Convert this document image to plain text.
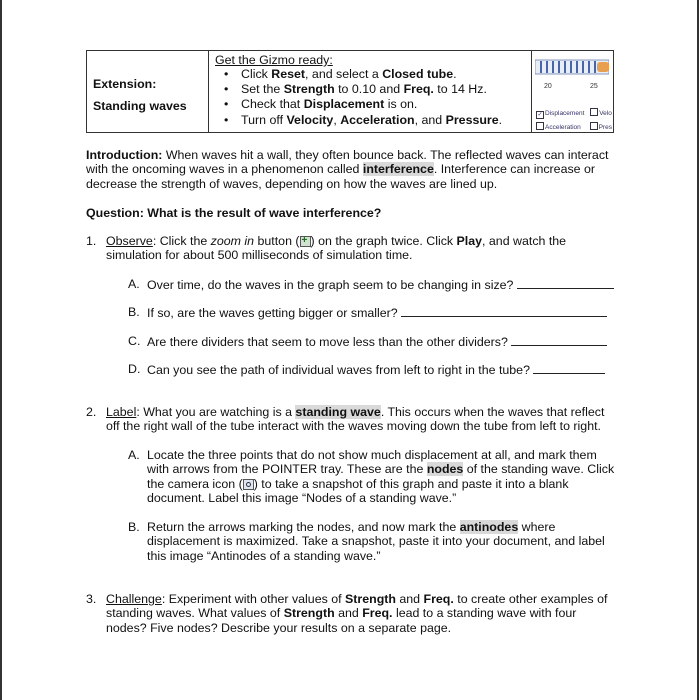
Extension:
Standing waves
Get the Gizmo ready:
• Click Reset, and select a Closed tube.
• Set the Strength to 0.10 and Freq. to 14 Hz.
• Check that Displacement is on.
• Turn off Velocity, Acceleration, and Pressure.
20	25
✓ Displacement Velo
Acceleration	Pres
Introduction: When waves hit a wall, they often bounce back. The reflected waves can interact with the oncoming waves in a phenomenon called interference. Interference can increase or decrease the strength of waves, depending on how the waves are lined up.
Question: What is the result of wave interference?
1. Observe: Click the zoom in button (+ ) on the graph twice. Click Play, and watch the simulation for about 500 milliseconds of simulation time.
A. Over time, do the waves in the graph seem to be changing in size?
B. If so, are the waves getting bigger or smaller?
C. Are there dividers that seem to move less than the other dividers?
D. Can you see the path of individual waves from left to right in the tube?
2. Label: What you are watching is a standing wave. This occurs when the waves that reflect off the right wall of the tube interact with the waves moving down the tube from left to right.
A. Locate the three points that do not show much displacement at all, and mark them with arrows from the POINTER tray. These are the nodes of the standing wave. Click the camera icon ( ) to take a snapshot of this graph and paste it into a blank document. Label this image “Nodes of a standing wave.”
B. Return the arrows marking the nodes, and now mark the antinodes where displacement is maximized. Take a snapshot, paste it into your document, and label this image “Antinodes of a standing wave.”
3. Challenge: Experiment with other values of Strength and Freq. to create other examples of standing waves. What values of Strength and Freq. lead to a standing wave with four nodes? Five nodes? Describe your results on a separate page.
